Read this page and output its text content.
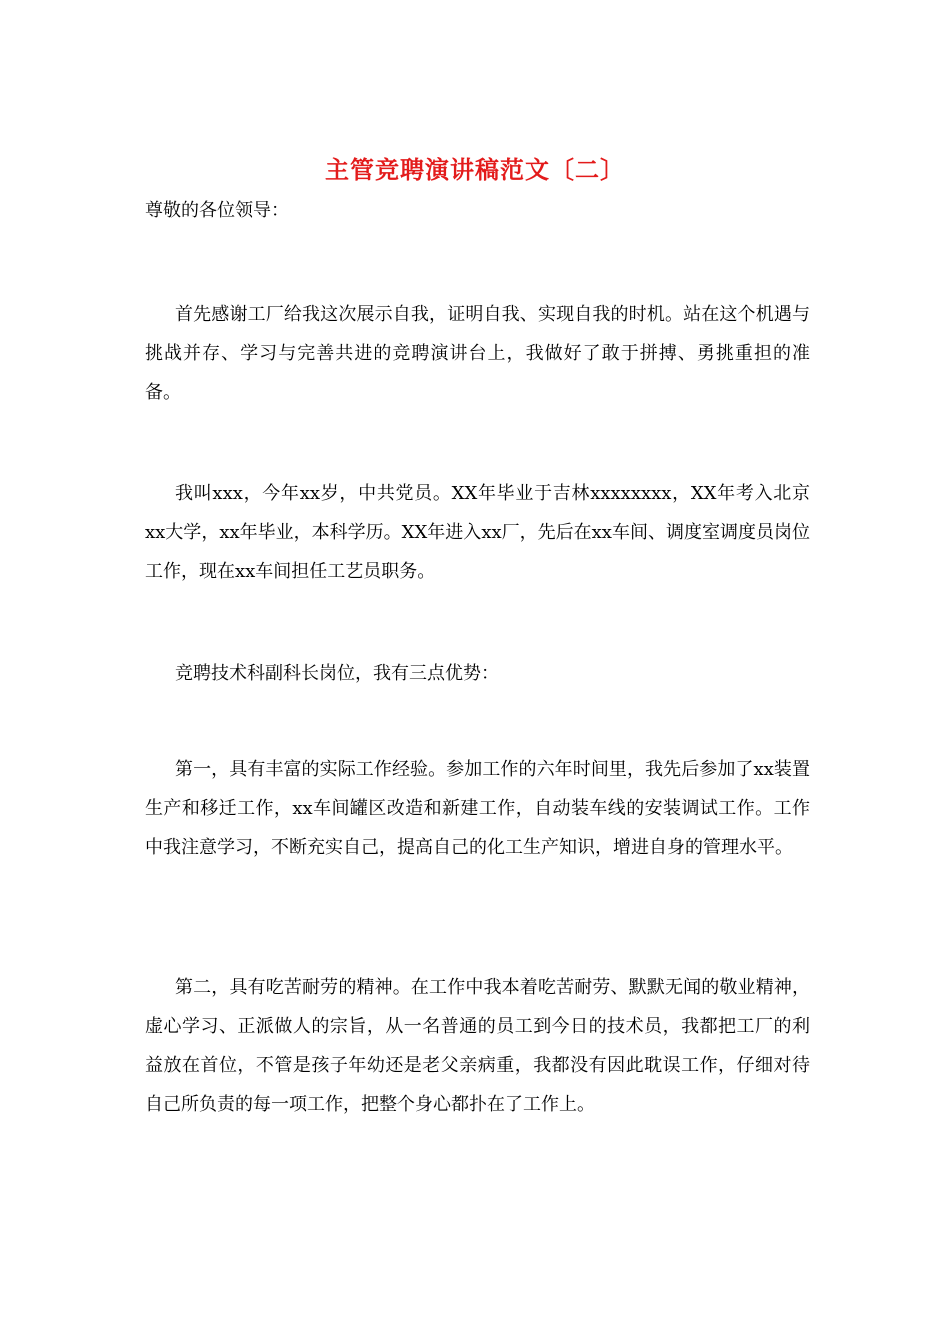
主管竞聘演讲稿范文〔二〕
尊敬的各位领导：

首先感谢工厂给我这次展示自我，证明自我、实现自我的时机。站在这个机遇与挑战并存、学习与完善共进的竞聘演讲台上，我做好了敢于拼搏、勇挑重担的准备。

我叫xxx，今年xx岁，中共党员。XX年毕业于吉林xxxxxxxx，XX年考入北京xx大学，xx年毕业，本科学历。XX年进入xx厂，先后在xx车间、调度室调度员岗位工作，现在xx车间担任工艺员职务。

竞聘技术科副科长岗位，我有三点优势：

第一，具有丰富的实际工作经验。参加工作的六年时间里，我先后参加了xx装置生产和移迁工作，xx车间罐区改造和新建工作，自动装车线的安装调试工作。工作中我注意学习，不断充实自己，提高自己的化工生产知识，增进自身的管理水平。

第二，具有吃苦耐劳的精神。在工作中我本着吃苦耐劳、默默无闻的敬业精神，虚心学习、正派做人的宗旨，从一名普通的员工到今日的技术员，我都把工厂的利益放在首位，不管是孩子年幼还是老父亲病重，我都没有因此耽误工作，仔细对待自己所负责的每一项工作，把整个身心都扑在了工作上。
